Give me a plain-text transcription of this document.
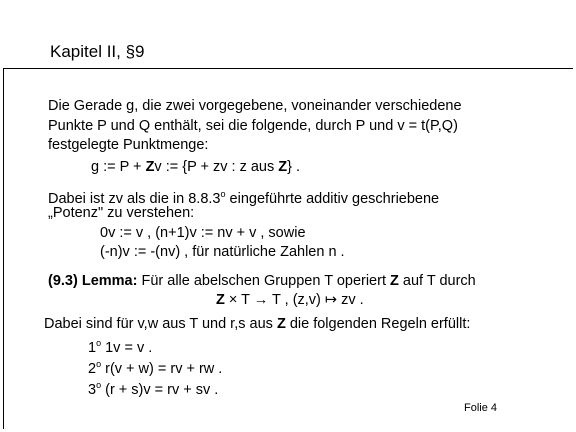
Kapitel II, §9
Die Gerade g, die zwei vorgegebene, voneinander verschiedene
Punkte P und Q enthält, sei die folgende, durch P und v = t(P,Q)
festgelegte Punktmenge:
g := P + Zv := {P + zv : z aus Z} .
Dabei ist zv als die in 8.8.3$^o$ eingeführte additiv geschriebene
„Potenz" zu verstehen:
0v := v , (n+1)v := nv + v , sowie
(-n)v := -(nv) , für natürliche Zahlen n .
(9.3) Lemma: Für alle abelschen Gruppen T operiert Z auf T durch
Z × T → T , (z,v) ↦ zv .
Dabei sind für v,w aus T und r,s aus Z die folgenden Regeln erfüllt:
1$^o$ 1v = v .
2$^o$ r(v + w) = rv + rw .
3$^o$ (r + s)v = rv + sv .
Folie 4
